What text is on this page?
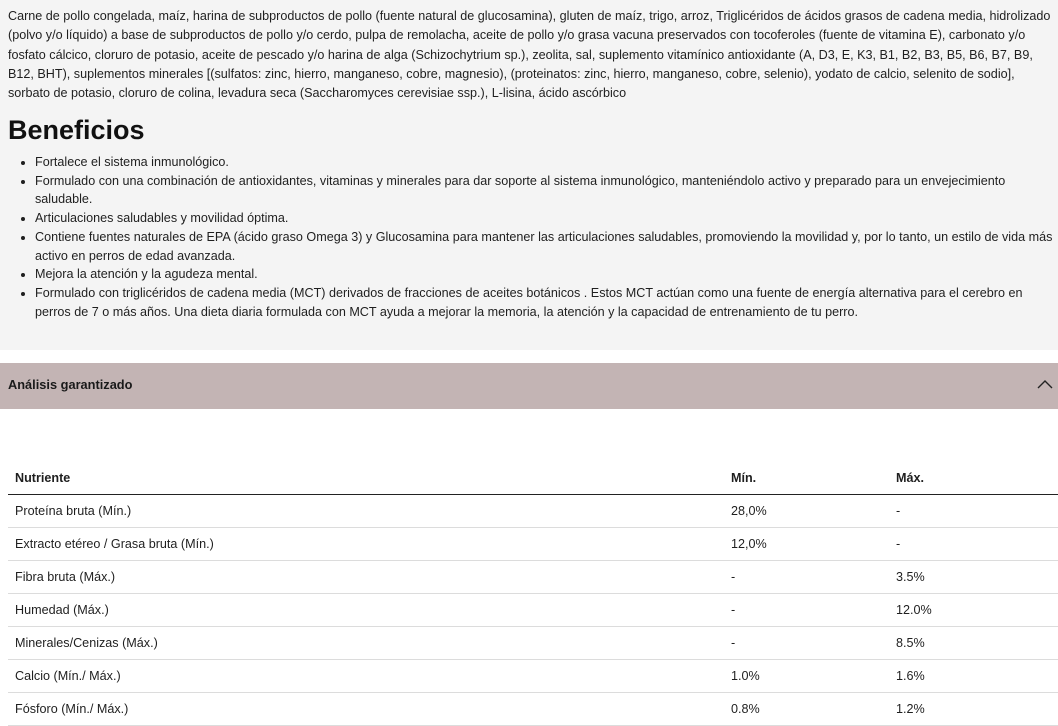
Carne de pollo congelada, maíz, harina de subproductos de pollo (fuente natural de glucosamina), gluten de maíz, trigo, arroz, Triglicéridos de ácidos grasos de cadena media, hidrolizado (polvo y/o líquido) a base de subproductos de pollo y/o cerdo, pulpa de remolacha, aceite de pollo y/o grasa vacuna preservados con tocoferoles (fuente de vitamina E), carbonato y/o fosfato cálcico, cloruro de potasio, aceite de pescado y/o harina de alga (Schizochytrium sp.), zeolita, sal, suplemento vitamínico antioxidante (A, D3, E, K3, B1, B2, B3, B5, B6, B7, B9, B12, BHT), suplementos minerales [(sulfatos: zinc, hierro, manganeso, cobre, magnesio), (proteinatos: zinc, hierro, manganeso, cobre, selenio), yodato de calcio, selenito de sodio], sorbato de potasio, cloruro de colina, levadura seca (Saccharomyces cerevisiae ssp.), L-lisina, ácido ascórbico

Beneficios
• Fortalece el sistema inmunológico.
• Formulado con una combinación de antioxidantes, vitaminas y minerales para dar soporte al sistema inmunológico, manteniéndolo activo y preparado para un envejecimiento saludable.
• Articulaciones saludables y movilidad óptima.
• Contiene fuentes naturales de EPA (ácido graso Omega 3) y Glucosamina para mantener las articulaciones saludables, promoviendo la movilidad y, por lo tanto, un estilo de vida más activo en perros de edad avanzada.
• Mejora la atención y la agudeza mental.
• Formulado con triglicéridos de cadena media (MCT) derivados de fracciones de aceites botánicos . Estos MCT actúan como una fuente de energía alternativa para el cerebro en perros de 7 o más años. Una dieta diaria formulada con MCT ayuda a mejorar la memoria, la atención y la capacidad de entrenamiento de tu perro.
Análisis garantizado
Nutriente	Mín.	Máx.
Proteína bruta (Mín.)	28,0%	-
Extracto etéreo / Grasa bruta (Mín.)	12,0%	-
Fibra bruta (Máx.)	-	3.5%
Humedad (Máx.)	-	12.0%
Minerales/Cenizas (Máx.)	-	8.5%
Calcio (Mín./ Máx.)	1.0%	1.6%
Fósforo (Mín./ Máx.)	0.8%	1.2%
